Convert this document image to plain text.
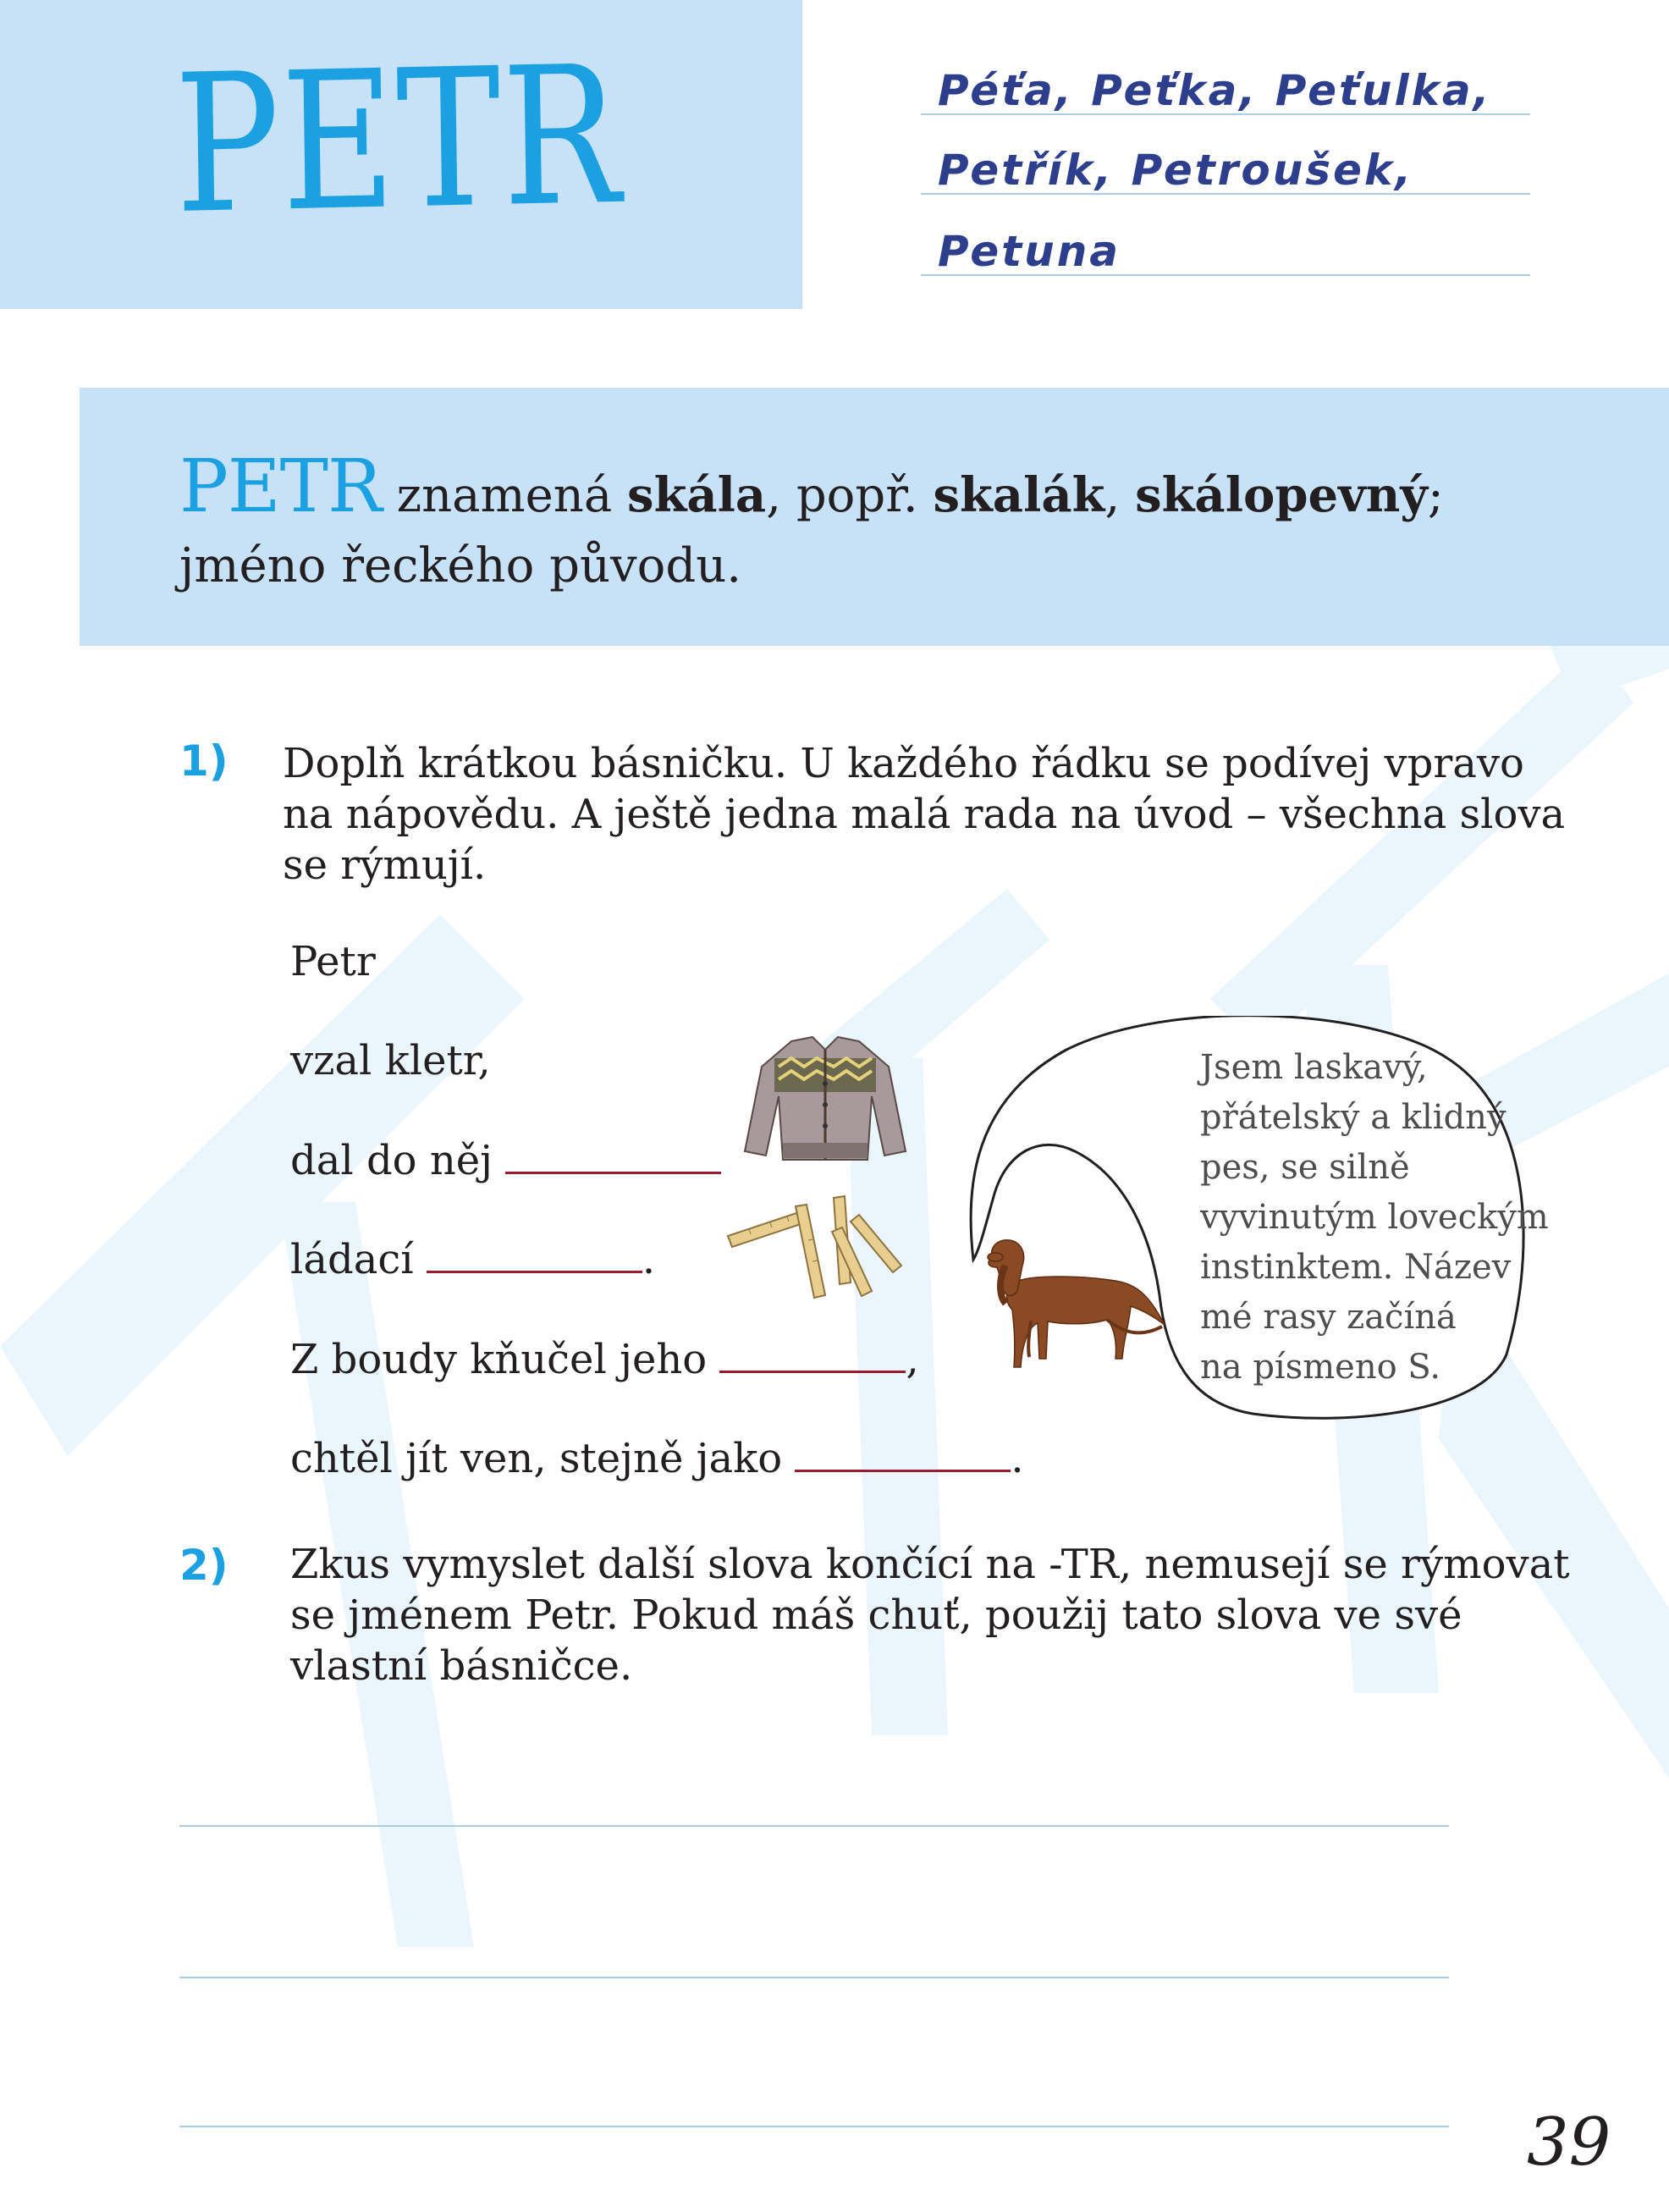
PETR	Péťa, Peťka, Peťulka,
Petřík, Petroušek,
Petuna
PETR znamená skála, popř. skalák, skálopevný;
jméno řeckého původu.
1) Doplň krátkou básničku. U každého řádku se podívej vpravo
na nápovědu. A ještě jedna malá rada na úvod – všechna slova
se rýmují.
Petr
vzal kletr,
dal do něj
ládací	.
Z boudy kňučel jeho	,
chtěl jít ven, stejně jako	.
Jsem laskavý,
přátelský a klidný
pes, se silně
vyvinutým loveckým
instinktem. Název
mé rasy začíná
na písmeno S.
2) Zkus vymyslet další slova končící na -TR, nemusejí se rýmovat
se jménem Petr. Pokud máš chuť, použij tato slova ve své
vlastní básničce.
39
